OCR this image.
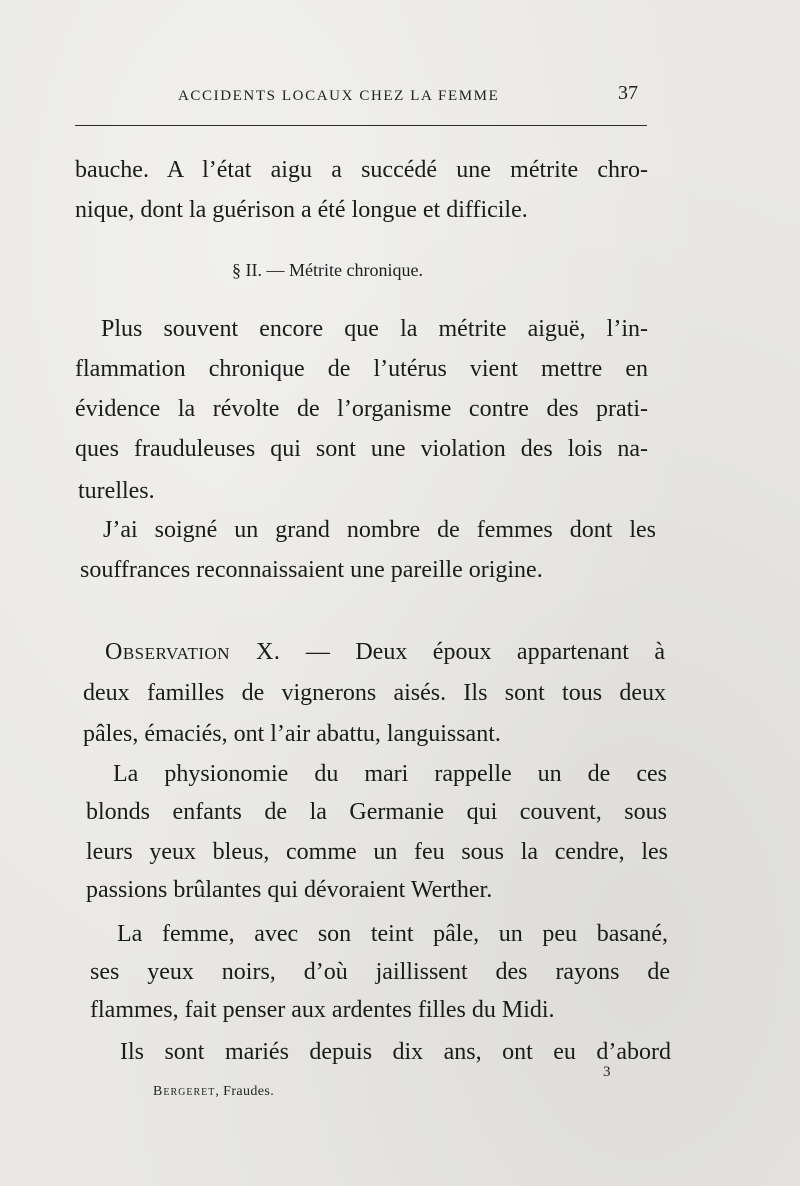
ACCIDENTS LOCAUX CHEZ LA FEMME	37
bauche. A l’état aigu a succédé une métrite chro-
nique, dont la guérison a été longue et difficile.
§ II. — Métrite chronique.
Plus souvent encore que la métrite aiguë, l’in-
flammation chronique de l’utérus vient mettre en
évidence la révolte de l’organisme contre des prati-
ques frauduleuses qui sont une violation des lois na-
turelles.
J’ai soigné un grand nombre de femmes dont les
souffrances reconnaissaient une pareille origine.
Observation X. — Deux époux appartenant à
deux familles de vignerons aisés. Ils sont tous deux
pâles, émaciés, ont l’air abattu, languissant.
La physionomie du mari rappelle un de ces
blonds enfants de la Germanie qui couvent, sous
leurs yeux bleus, comme un feu sous la cendre, les
passions brûlantes qui dévoraient Werther.
La femme, avec son teint pâle, un peu basané,
ses yeux noirs, d’où jaillissent des rayons de
flammes, fait penser aux ardentes filles du Midi.
Ils sont mariés depuis dix ans, ont eu d’abord
Bergeret, Fraudes.
3
